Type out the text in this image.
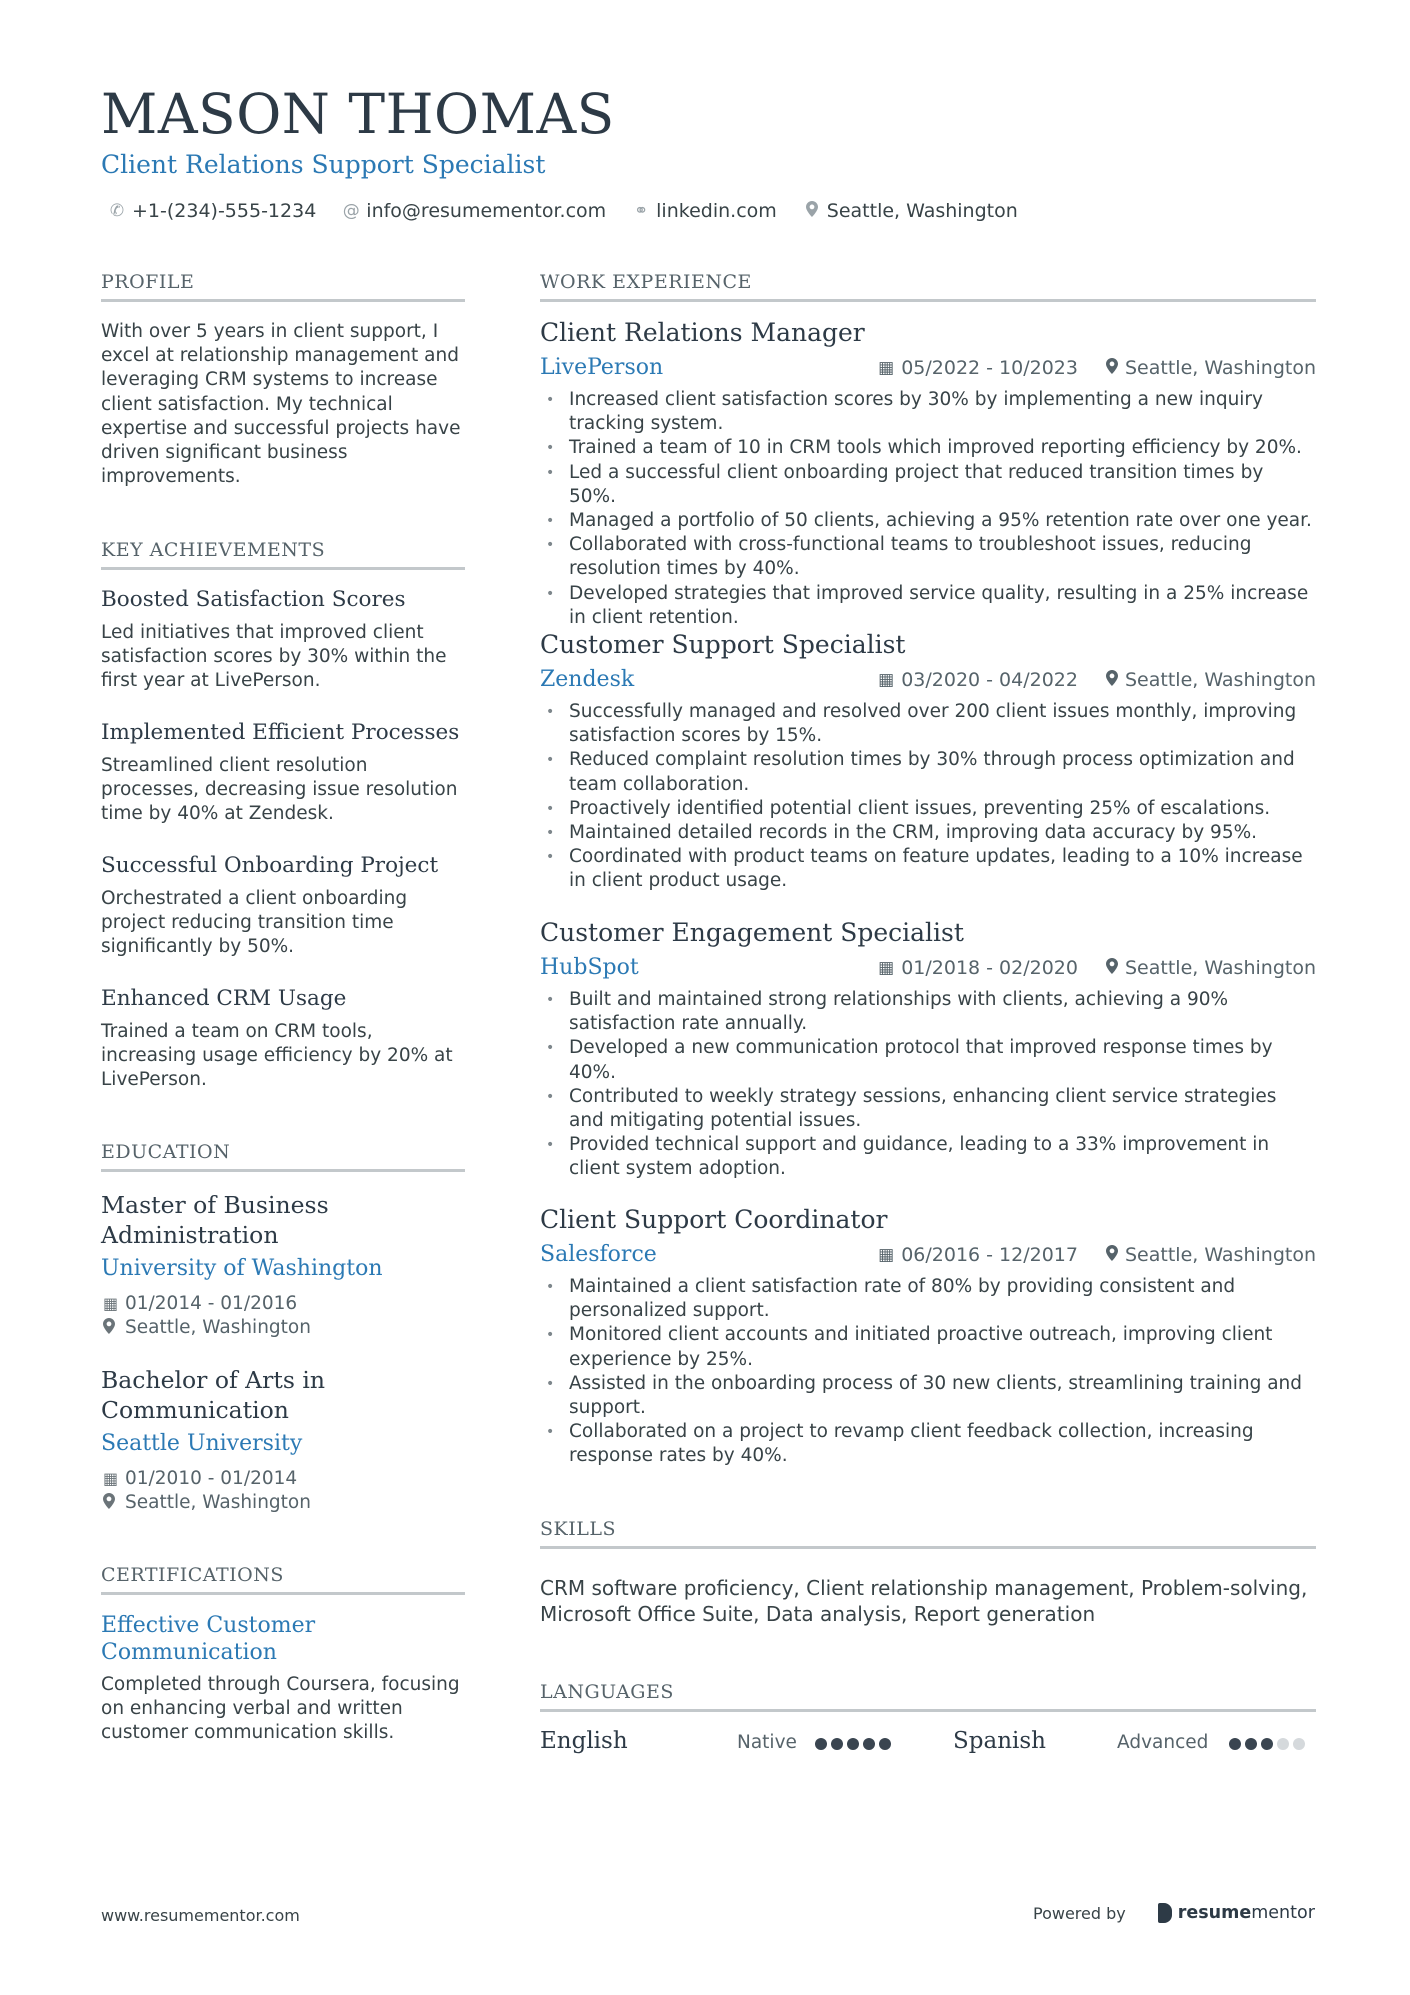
MASON THOMAS
Client Relations Support Specialist
✆ +1-(234)-555-1234 @ info@resumementor.com ⚭ linkedin.com	Seattle, Washington
PROFILE
With over 5 years in client support, I excel at relationship management and leveraging CRM systems to increase client satisfaction. My technical expertise and successful projects have driven significant business improvements.
KEY ACHIEVEMENTS
Boosted Satisfaction Scores
Led initiatives that improved client satisfaction scores by 30% within the first year at LivePerson.
Implemented Efficient Processes
Streamlined client resolution processes, decreasing issue resolution time by 40% at Zendesk.
Successful Onboarding Project
Orchestrated a client onboarding project reducing transition time significantly by 50%.
Enhanced CRM Usage
Trained a team on CRM tools, increasing usage efficiency by 20% at LivePerson.
EDUCATION
Master of Business Administration
University of Washington
▦ 01/2014 - 01/2016
Seattle, Washington
Bachelor of Arts in Communication
Seattle University
▦ 01/2010 - 01/2014
Seattle, Washington
CERTIFICATIONS
Effective Customer Communication
Completed through Coursera, focusing on enhancing verbal and written customer communication skills.
WORK EXPERIENCE
Client Relations Manager
LivePerson	▦ 05/2022 - 10/2023 Seattle, Washington
• Increased client satisfaction scores by 30% by implementing a new inquiry tracking system.
• Trained a team of 10 in CRM tools which improved reporting efficiency by 20%.
• Led a successful client onboarding project that reduced transition times by 50%.
• Managed a portfolio of 50 clients, achieving a 95% retention rate over one year.
• Collaborated with cross-functional teams to troubleshoot issues, reducing resolution times by 40%.
• Developed strategies that improved service quality, resulting in a 25% increase in client retention.
Customer Support Specialist
Zendesk	▦ 03/2020 - 04/2022 Seattle, Washington
• Successfully managed and resolved over 200 client issues monthly, improving satisfaction scores by 15%.
• Reduced complaint resolution times by 30% through process optimization and team collaboration.
• Proactively identified potential client issues, preventing 25% of escalations.
• Maintained detailed records in the CRM, improving data accuracy by 95%.
• Coordinated with product teams on feature updates, leading to a 10% increase in client product usage.
Customer Engagement Specialist
HubSpot	▦ 01/2018 - 02/2020 Seattle, Washington
• Built and maintained strong relationships with clients, achieving a 90% satisfaction rate annually.
• Developed a new communication protocol that improved response times by 40%.
• Contributed to weekly strategy sessions, enhancing client service strategies and mitigating potential issues.
• Provided technical support and guidance, leading to a 33% improvement in client system adoption.
Client Support Coordinator
Salesforce	▦ 06/2016 - 12/2017 Seattle, Washington
• Maintained a client satisfaction rate of 80% by providing consistent and personalized support.
• Monitored client accounts and initiated proactive outreach, improving client experience by 25%.
• Assisted in the onboarding process of 30 new clients, streamlining training and support.
• Collaborated on a project to revamp client feedback collection, increasing response rates by 40%.
SKILLS
CRM software proficiency, Client relationship management, Problem-solving, Microsoft Office Suite, Data analysis, Report generation
LANGUAGES
English	Native	Spanish	Advanced
www.resumementor.com	Powered by	resume mentor
